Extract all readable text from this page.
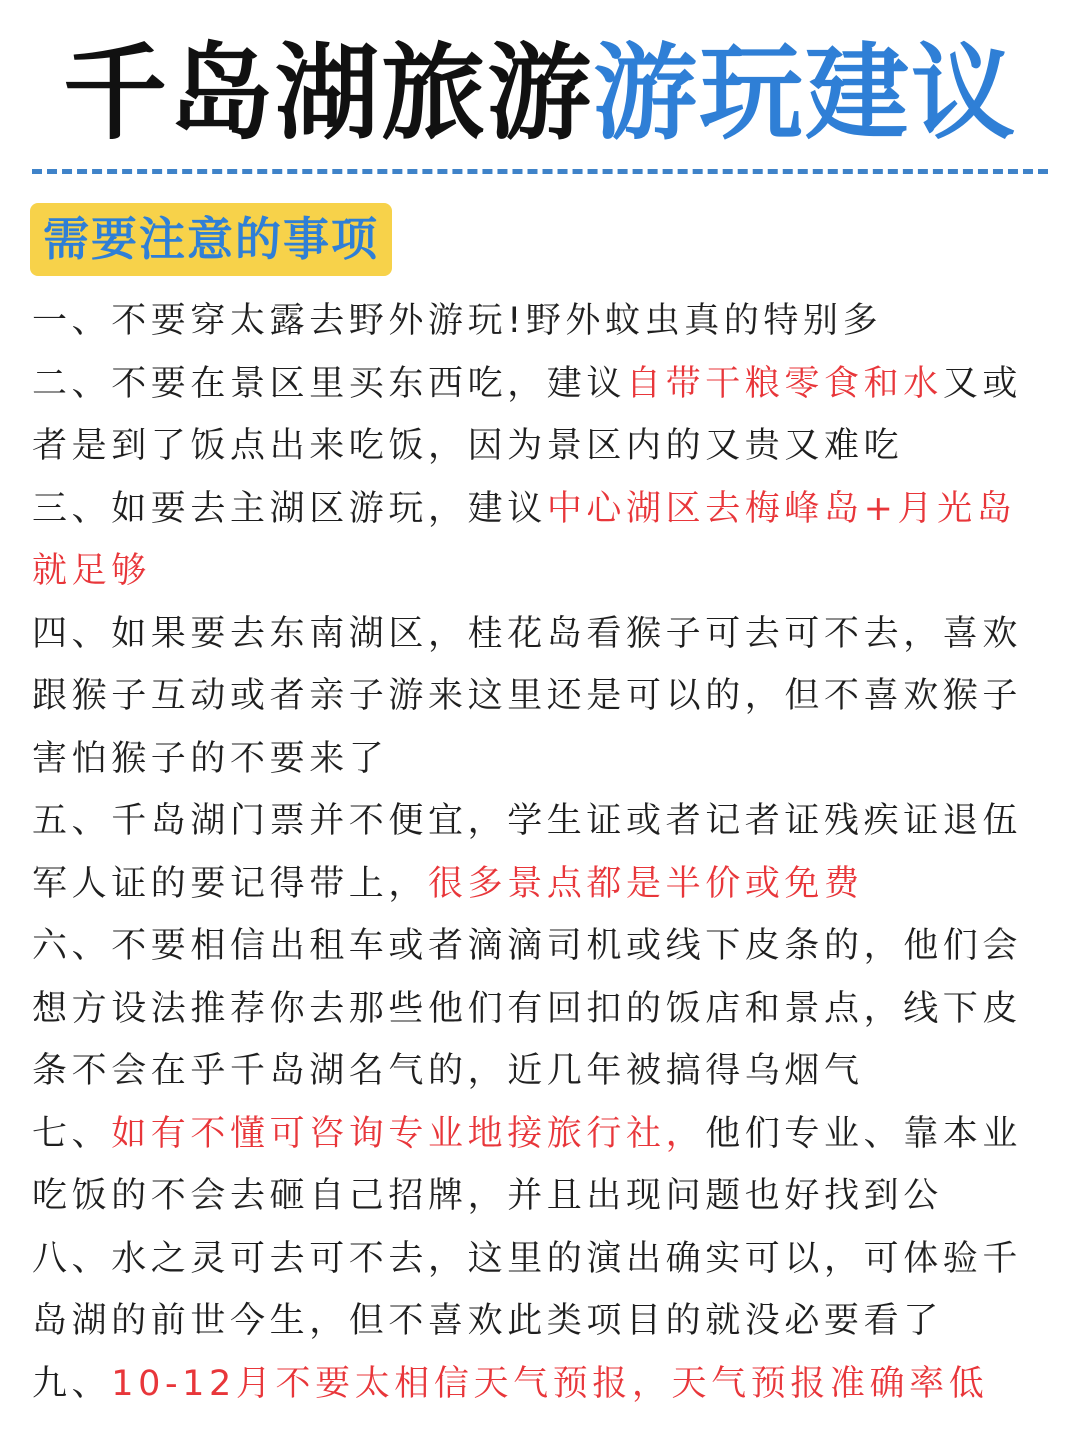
千岛湖旅游游玩建议
需要注意的事项
一、不要穿太露去野外游玩!野外蚊虫真的特别多
二、不要在景区里买东西吃，建议自带干粮零食和水又或者是到了饭点出来吃饭，因为景区内的又贵又难吃
三、如要去主湖区游玩，建议中心湖区去梅峰岛+月光岛就足够
四、如果要去东南湖区，桂花岛看猴子可去可不去，喜欢跟猴子互动或者亲子游来这里还是可以的，但不喜欢猴子害怕猴子的不要来了
五、千岛湖门票并不便宜，学生证或者记者证残疾证退伍军人证的要记得带上，很多景点都是半价或免费
六、不要相信出租车或者滴滴司机或线下皮条的，他们会想方设法推荐你去那些他们有回扣的饭店和景点，线下皮条不会在乎千岛湖名气的，近几年被搞得乌烟气
七、如有不懂可咨询专业地接旅行社，他们专业、靠本业吃饭的不会去砸自己招牌，并且出现问题也好找到公
八、水之灵可去可不去，这里的演出确实可以，可体验千岛湖的前世今生，但不喜欢此类项目的就没必要看了
九、10-12月不要太相信天气预报，天气预报准确率低
